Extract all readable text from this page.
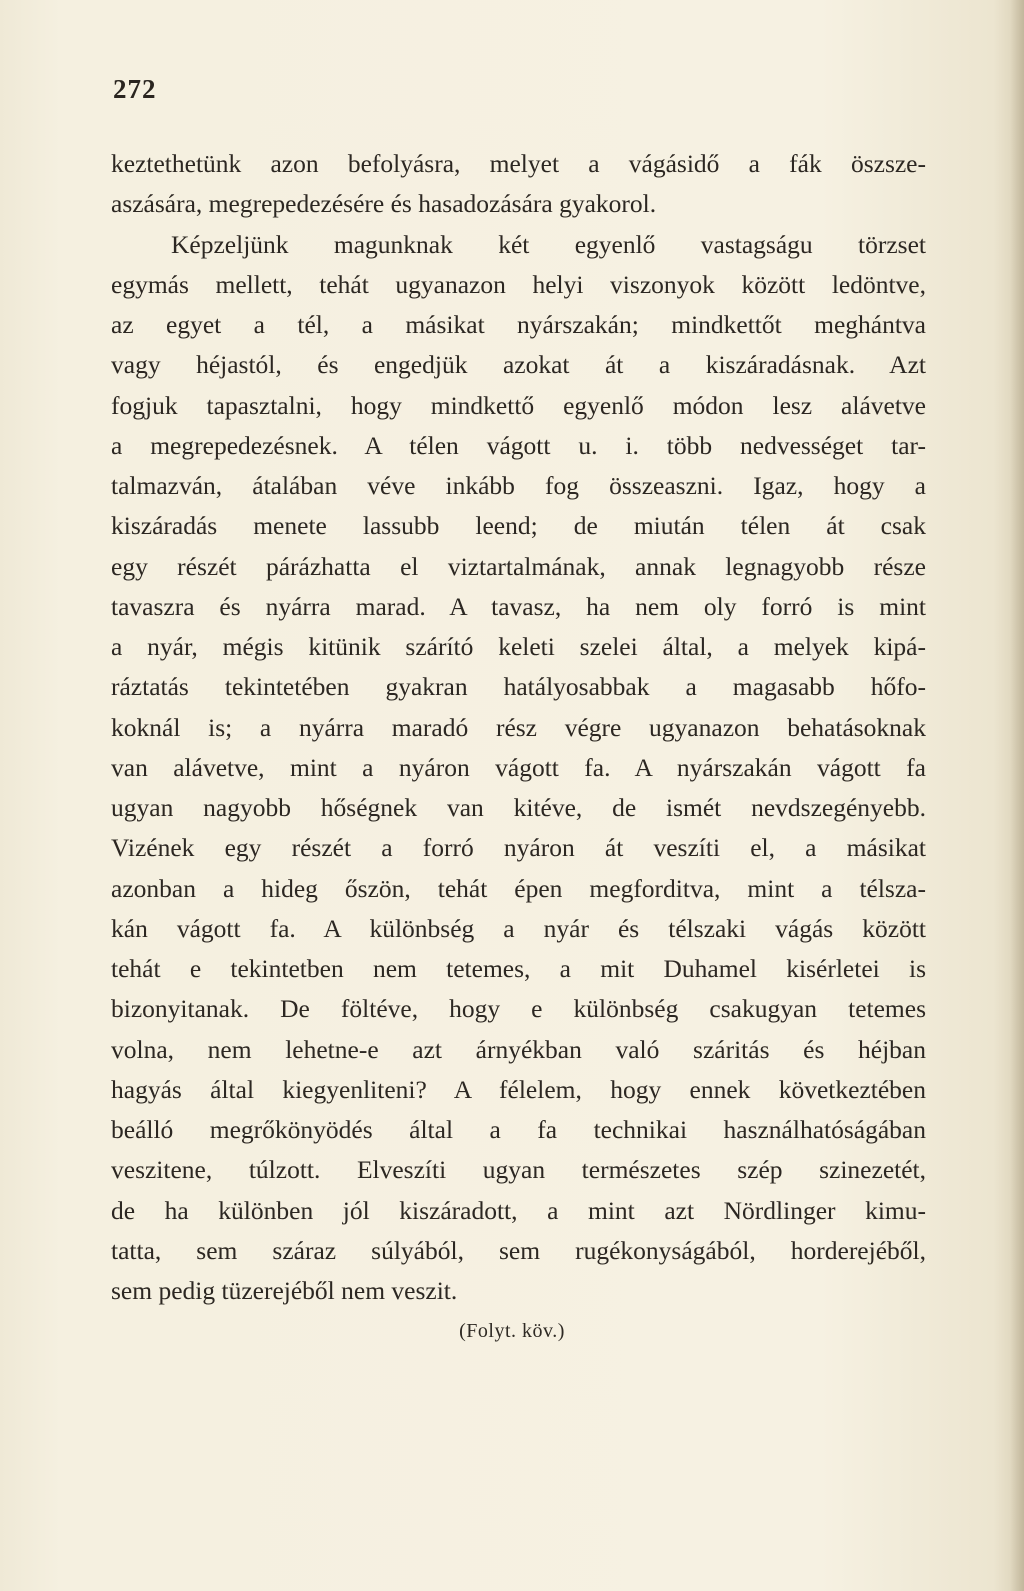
272
keztethetünk azon befolyásra, melyet a vágásidő a fák öszsze-
aszására, megrepedezésére és hasadozására gyakorol.
Képzeljünk magunknak két egyenlő vastagságu törzset
egymás mellett, tehát ugyanazon helyi viszonyok között ledöntve,
az egyet a tél, a másikat nyárszakán; mindkettőt meghántva
vagy héjastól, és engedjük azokat át a kiszáradásnak. Azt
fogjuk tapasztalni, hogy mindkettő egyenlő módon lesz alávetve
a megrepedezésnek. A télen vágott u. i. több nedvességet tar-
talmazván, átalában véve inkább fog összeaszni. Igaz, hogy a
kiszáradás menete lassubb leend; de miután télen át csak
egy részét párázhatta el viztartalmának, annak legnagyobb része
tavaszra és nyárra marad. A tavasz, ha nem oly forró is mint
a nyár, mégis kitünik szárító keleti szelei által, a melyek kipá-
ráztatás tekintetében gyakran hatályosabbak a magasabb hőfo-
koknál is; a nyárra maradó rész végre ugyanazon behatásoknak
van alávetve, mint a nyáron vágott fa. A nyárszakán vágott fa
ugyan nagyobb hőségnek van kitéve, de ismét nevdszegényebb.
Vizének egy részét a forró nyáron át veszíti el, a másikat
azonban a hideg őszön, tehát épen megforditva, mint a télsza-
kán vágott fa. A különbség a nyár és télszaki vágás között
tehát e tekintetben nem tetemes, a mit Duhamel kisérletei is
bizonyitanak. De föltéve, hogy e különbség csakugyan tetemes
volna, nem lehetne-e azt árnyékban való száritás és héjban
hagyás által kiegyenliteni? A félelem, hogy ennek következtében
beálló megrőkönyödés által a fa technikai használhatóságában
veszitene, túlzott. Elveszíti ugyan természetes szép szinezetét,
de ha különben jól kiszáradott, a mint azt Nördlinger kimu-
tatta, sem száraz súlyából, sem rugékonyságából, horderejéből,
sem pedig tüzerejéből nem veszit.
(Folyt. köv.)
